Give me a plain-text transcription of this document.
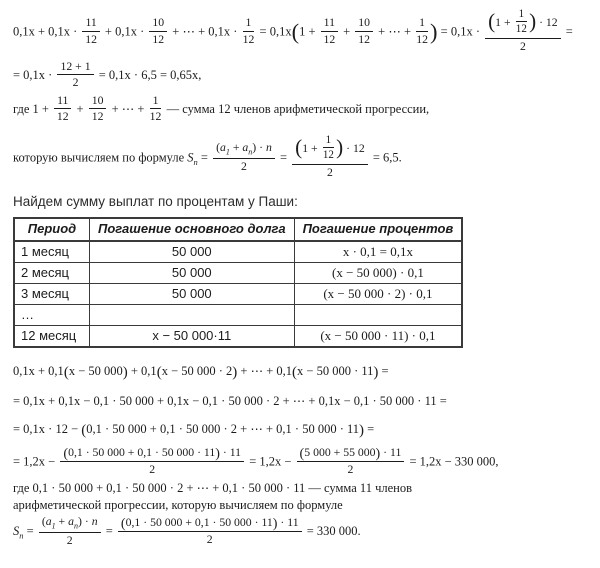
$0,1x + 0,1x \cdot \frac{11}{12} + 0,1x \cdot \frac{10}{12}$ + ⋯ + $0,1x \cdot \frac{1}{12} = 0,1x(1 + \frac{11}{12} + \frac{10}{12}$ + ⋯ + $\frac{1}{12}$ ) = $0,1x \cdot \frac{(1 + \frac{1}{12} ) \cdot 12}{2}$ =
= $0,1x \cdot \frac{12 + 1}{2} = 0,1x \cdot 6,5 = 0,65x$,
где $1 + \frac{11}{12} + \frac{10}{12}$ + ⋯ + $\frac{1}{12}$ — сумма 12 членов арифметической прогрессии,
которую вычисляем по формуле $S_n = \frac{(a_1 + a_n) \cdot n}{2} = \frac{(1 + \frac{1}{12} ) \cdot 12}{2} = 6,5$.
Найдем сумму выплат по процентам у Паши:
Период	Погашение основного долга	Погашение процентов
1 месяц	50 000	x · 0,1 = 0,1x
2 месяц	50 000	(x − 50 000) · 0,1
3 месяц	50 000	(x − 50 000 · 2) · 0,1
…		
12 месяц	x − 50 000·11	(x − 50 000 · 11) · 0,1
0,1x + 0,1(x − 50 000) + 0,1(x − 50 000 · 2) + ⋯ + 0,1(x − 50 000 · 11) =
= 0,1x + 0,1x − 0,1 · 50 000 + 0,1x − 0,1 · 50 000 · 2 + ⋯ + 0,1x − 0,1 · 50 000 · 11 =
= 0,1x · 12 − (0,1 · 50 000 + 0,1 · 50 000 · 2 + ⋯ + 0,1 · 50 000 · 11) =
= $1,2x - \frac{(0,1 \cdot 50 000 + 0,1 \cdot 50 000 \cdot 11) \cdot 11}{2} = 1,2x - \frac{(5 000 + 55 000) \cdot 11}{2} = 1,2x - 330$ 000,
где 0,1 · 50 000 + 0,1 · 50 000 · 2 + ⋯ + 0,1 · 50 000 · 11 — сумма 11 членов
арифметической прогрессии, которую вычисляем по формуле
$S_n = \frac{(a_1 + a_n) \cdot n}{2} = \frac{(0,1 \cdot 50 000 + 0,1 \cdot 50 000 \cdot 11) \cdot 11}{2} = 330$ 000.
